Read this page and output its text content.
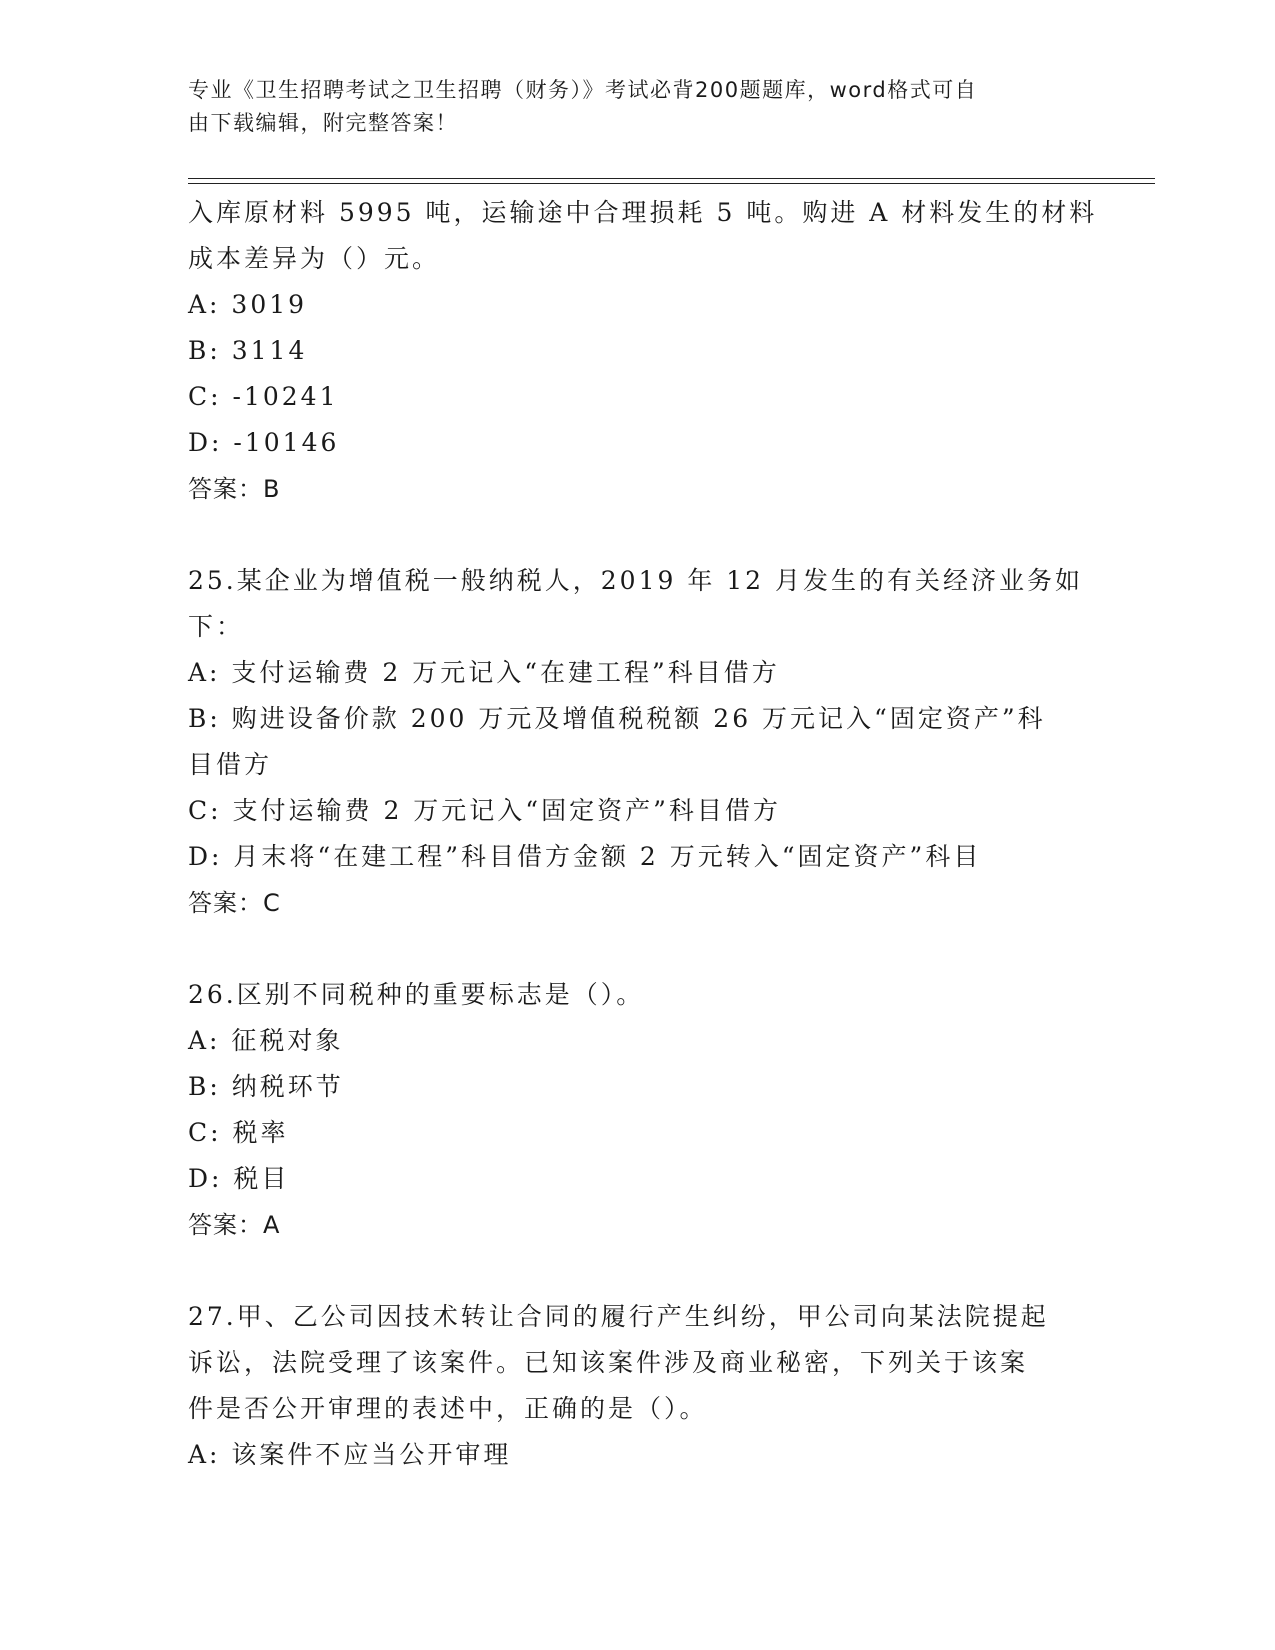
专业《卫生招聘考试之卫生招聘（财务）》考试必背200题题库，word格式可自
由下载编辑，附完整答案！
入库原材料 5995 吨，运输途中合理损耗 5 吨。购进 A 材料发生的材料
成本差异为（）元。
A: 3019
B: 3114
C: -10241
D: -10146
答案：B
25.某企业为增值税一般纳税人，2019 年 12 月发生的有关经济业务如
下：
A: 支付运输费 2 万元记入“在建工程”科目借方
B: 购进设备价款 200 万元及增值税税额 26 万元记入“固定资产”科
目借方
C: 支付运输费 2 万元记入“固定资产”科目借方
D: 月末将“在建工程”科目借方金额 2 万元转入“固定资产”科目
答案：C
26.区别不同税种的重要标志是（）。
A: 征税对象
B: 纳税环节
C: 税率
D: 税目
答案：A
27.甲、乙公司因技术转让合同的履行产生纠纷，甲公司向某法院提起
诉讼，法院受理了该案件。已知该案件涉及商业秘密，下列关于该案
件是否公开审理的表述中，正确的是（）。
A: 该案件不应当公开审理
